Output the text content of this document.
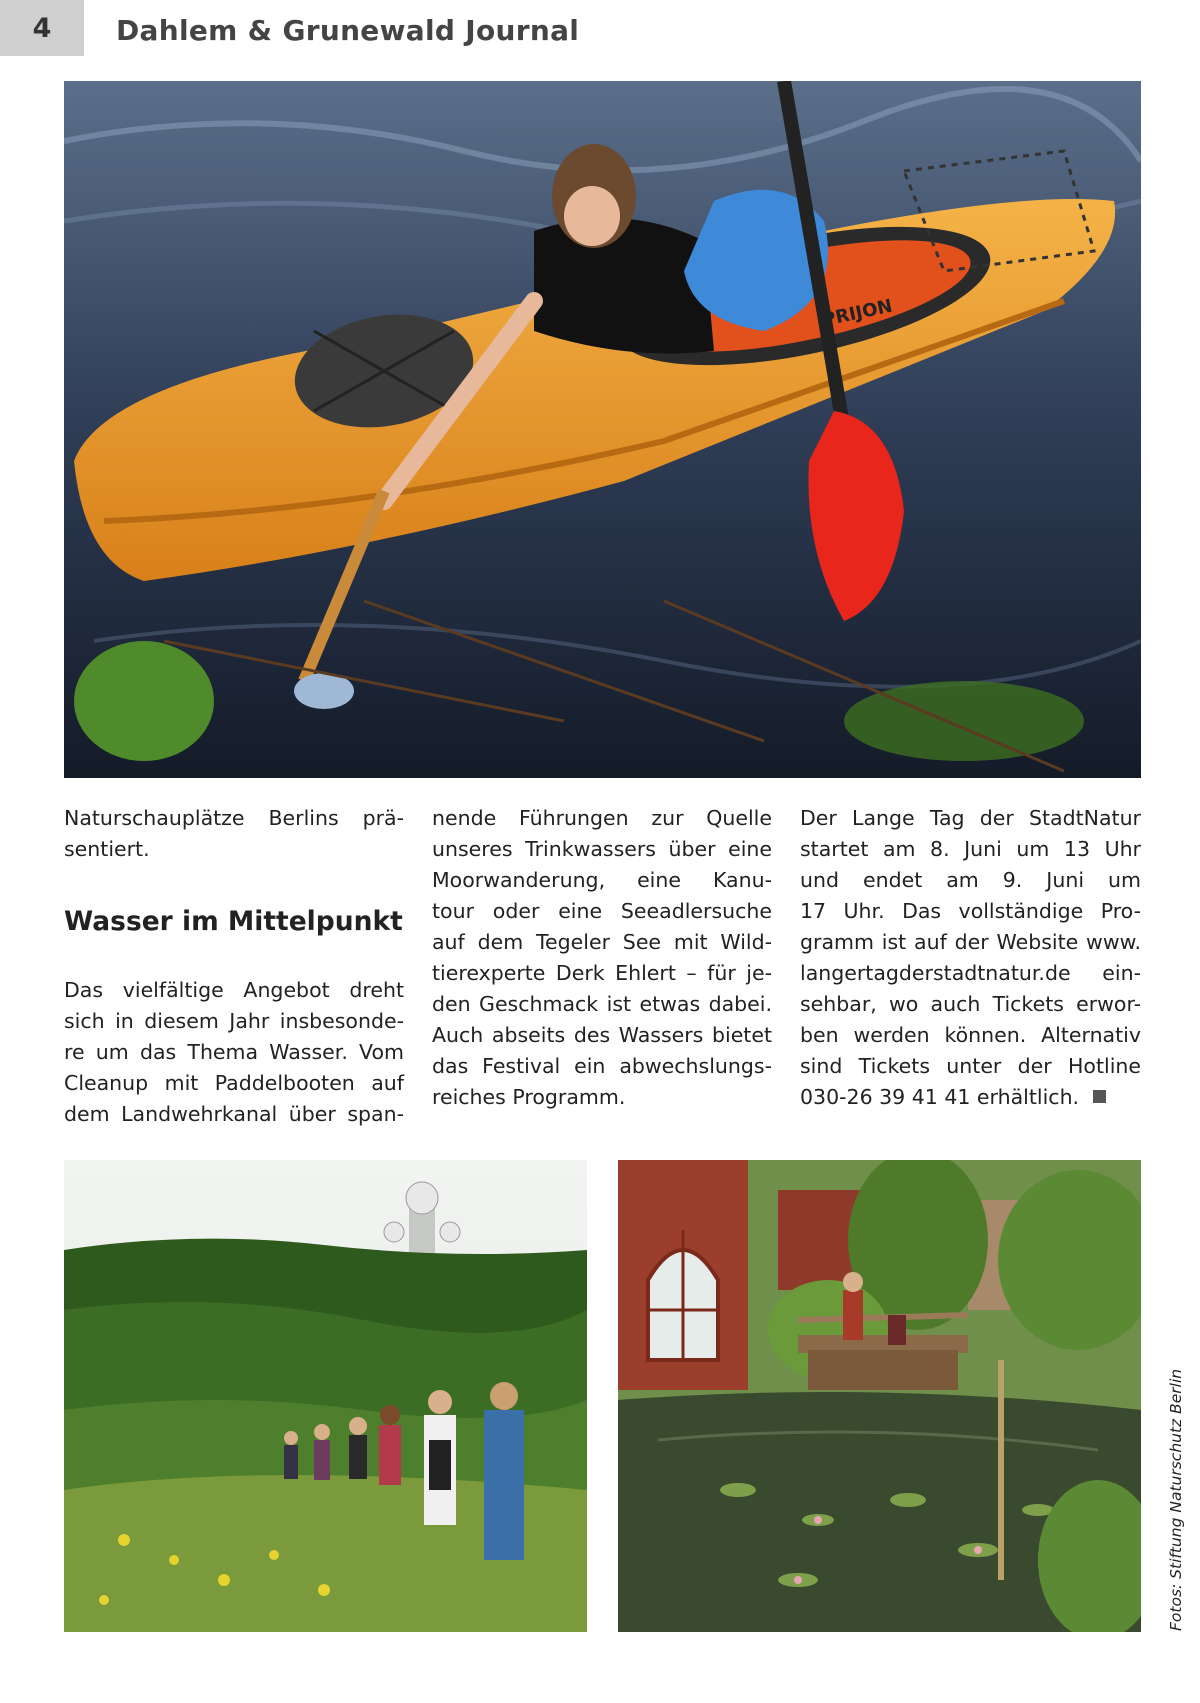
4	Dahlem & Grunewald Journal
PRIJON

Naturschauplätze Berlins prä-

sentiert.

Wasser im Mittelpunkt

Das vielfältige Angebot dreht

sich in diesem Jahr insbesonde-

re um das Thema Wasser. Vom

Cleanup mit Paddelbooten auf

dem Landwehrkanal über span-

nende Führungen zur Quelle

unseres Trinkwassers über eine

Moorwanderung, eine Kanu-

tour oder eine Seeadlersuche

auf dem Tegeler See mit Wild-

tierexperte Derk Ehlert – für je-

den Geschmack ist etwas dabei.

Auch abseits des Wassers bietet

das Festival ein abwechslungs-

reiches Programm.

Der Lange Tag der StadtNatur

startet am 8. Juni um 13 Uhr

und endet am 9. Juni um

17 Uhr. Das vollständige Pro-

gramm ist auf der Website www.

langertagderstadtnatur.de ein-

sehbar, wo auch Tickets erwor-

ben werden können. Alternativ

sind Tickets unter der Hotline

030-26 39 41 41 erhältlich.

Fotos: Stiftung Naturschutz Berlin
